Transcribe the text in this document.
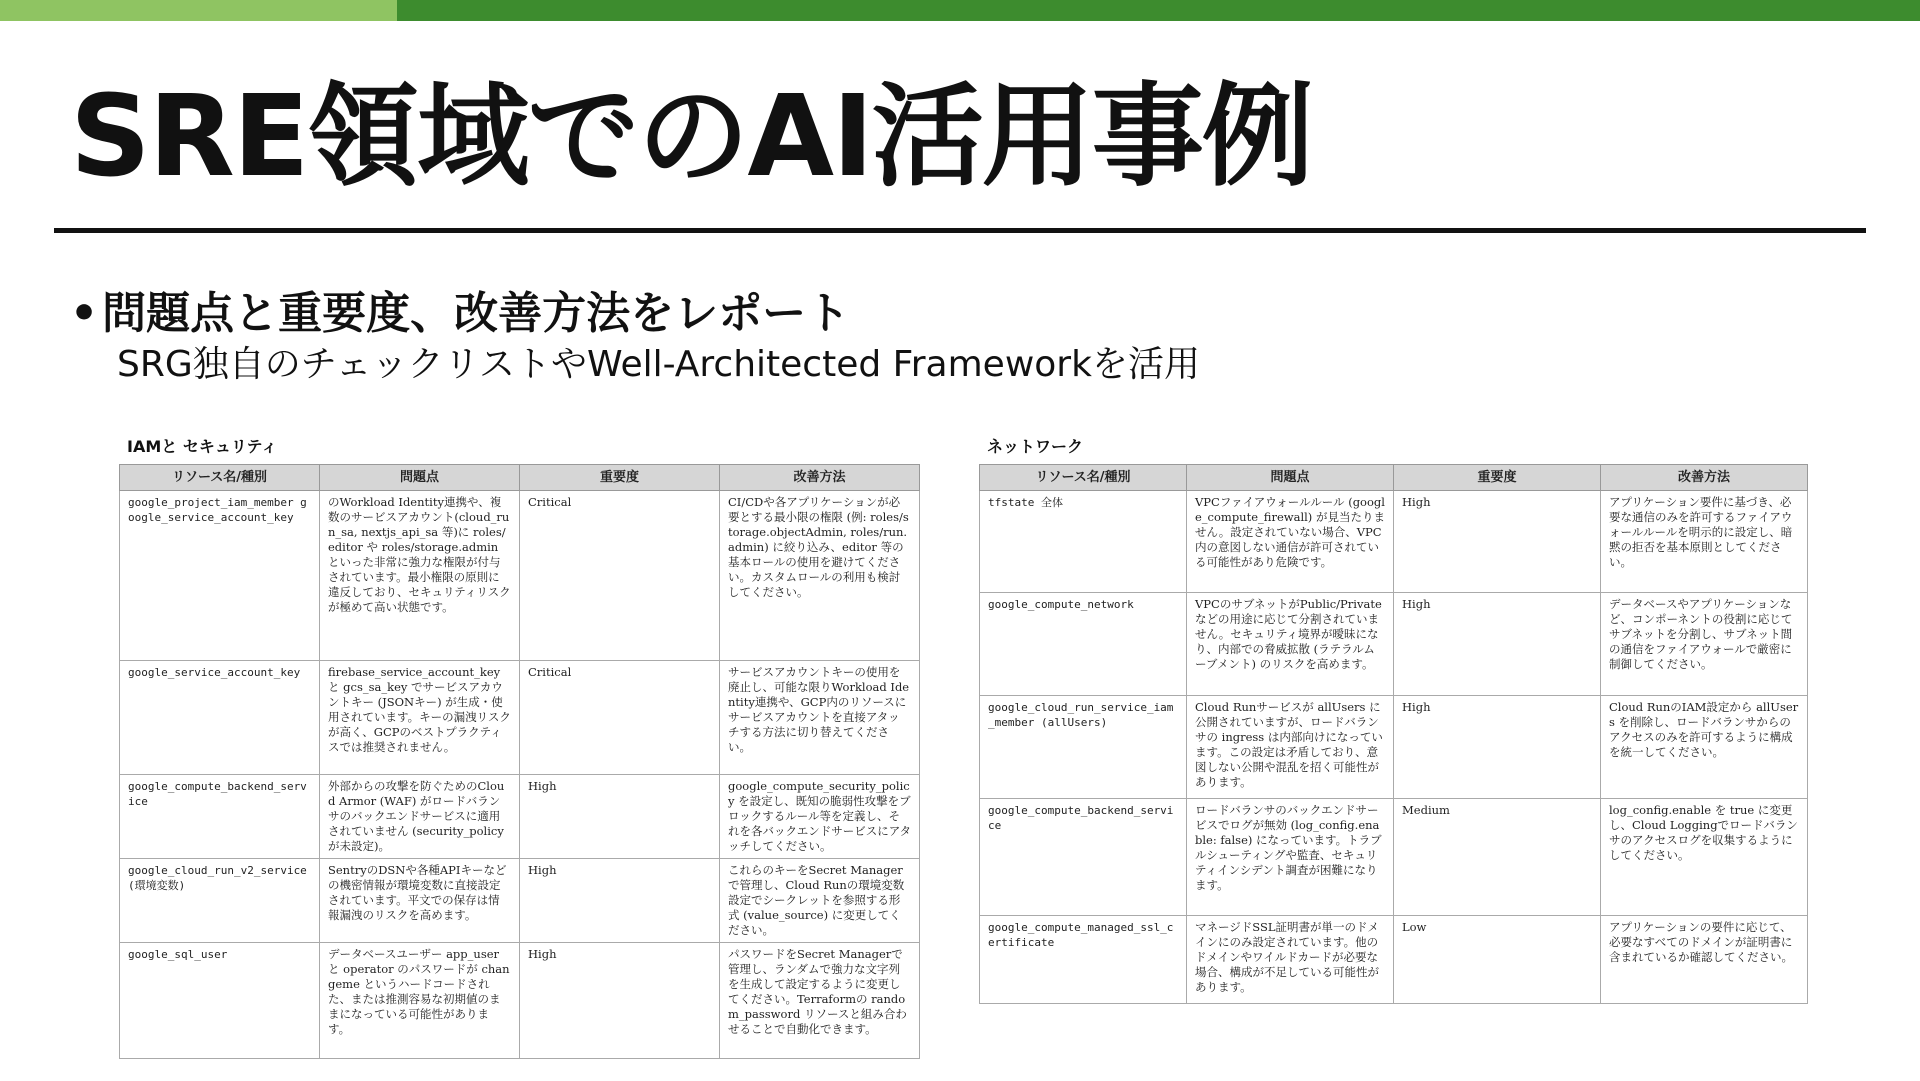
SRE領域でのAI活用事例
•問題点と重要度、改善方法をレポート
SRG独自のチェックリストやWell-Architected Frameworkを活用
IAMと セキュリティ
リソース名/種別	問題点	重要度	改善方法
google_project_iam_member google_service_account_key	のWorkload Identity連携や、複数のサービスアカウント(cloud_run_sa, nextjs_api_sa 等)に roles/editor や roles/storage.admin といった非常に強力な権限が付与されています。最小権限の原則に違反しており、セキュリティリスクが極めて高い状態です。	Critical	CI/CDや各アプリケーションが必要とする最小限の権限 (例: roles/storage.objectAdmin, roles/run.admin) に絞り込み、editor 等の基本ロールの使用を避けてください。カスタムロールの利用も検討してください。
google_service_account_key	firebase_service_account_key と gcs_sa_key でサービスアカウントキー (JSONキー) が生成・使用されています。キーの漏洩リスクが高く、GCPのベストプラクティスでは推奨されません。	Critical	サービスアカウントキーの使用を廃止し、可能な限りWorkload Identity連携や、GCP内のリソースにサービスアカウントを直接アタッチする方法に切り替えてください。
google_compute_backend_service	外部からの攻撃を防ぐためのCloud Armor (WAF) がロードバランサのバックエンドサービスに適用されていません (security_policyが未設定)。	High	google_compute_security_policy を設定し、既知の脆弱性攻撃をブロックするルール等を定義し、それを各バックエンドサービスにアタッチしてください。
google_cloud_run_v2_service (環境変数)	SentryのDSNや各種APIキーなどの機密情報が環境変数に直接設定されています。平文での保存は情報漏洩のリスクを高めます。	High	これらのキーをSecret Managerで管理し、Cloud Runの環境変数設定でシークレットを参照する形式 (value_source) に変更してください。
google_sql_user	データベースユーザー app_user と operator のパスワードが changeme というハードコードされた、または推測容易な初期値のままになっている可能性があります。	High	パスワードをSecret Managerで管理し、ランダムで強力な文字列を生成して設定するように変更してください。Terraformの random_password リソースと組み合わせることで自動化できます。
ネットワーク
リソース名/種別	問題点	重要度	改善方法
tfstate 全体	VPCファイアウォールルール (google_compute_firewall) が見当たりません。設定されていない場合、VPC内の意図しない通信が許可されている可能性があり危険です。	High	アプリケーション要件に基づき、必要な通信のみを許可するファイアウォールルールを明示的に設定し、暗黙の拒否を基本原則としてください。
google_compute_network	VPCのサブネットがPublic/Privateなどの用途に応じて分割されていません。セキュリティ境界が曖昧になり、内部での脅威拡散 (ラテラルムーブメント) のリスクを高めます。	High	データベースやアプリケーションなど、コンポーネントの役割に応じてサブネットを分割し、サブネット間の通信をファイアウォールで厳密に制御してください。
google_cloud_run_service_iam_member (allUsers)	Cloud Runサービスが allUsers に公開されていますが、ロードバランサの ingress は内部向けになっています。この設定は矛盾しており、意図しない公開や混乱を招く可能性があります。	High	Cloud RunのIAM設定から allUsers を削除し、ロードバランサからのアクセスのみを許可するように構成を統一してください。
google_compute_backend_service	ロードバランサのバックエンドサービスでログが無効 (log_config.enable: false) になっています。トラブルシューティングや監査、セキュリティインシデント調査が困難になります。	Medium	log_config.enable を true に変更し、Cloud Loggingでロードバランサのアクセスログを収集するようにしてください。
google_compute_managed_ssl_certificate	マネージドSSL証明書が単一のドメインにのみ設定されています。他のドメインやワイルドカードが必要な場合、構成が不足している可能性があります。	Low	アプリケーションの要件に応じて、必要なすべてのドメインが証明書に含まれているか確認してください。
